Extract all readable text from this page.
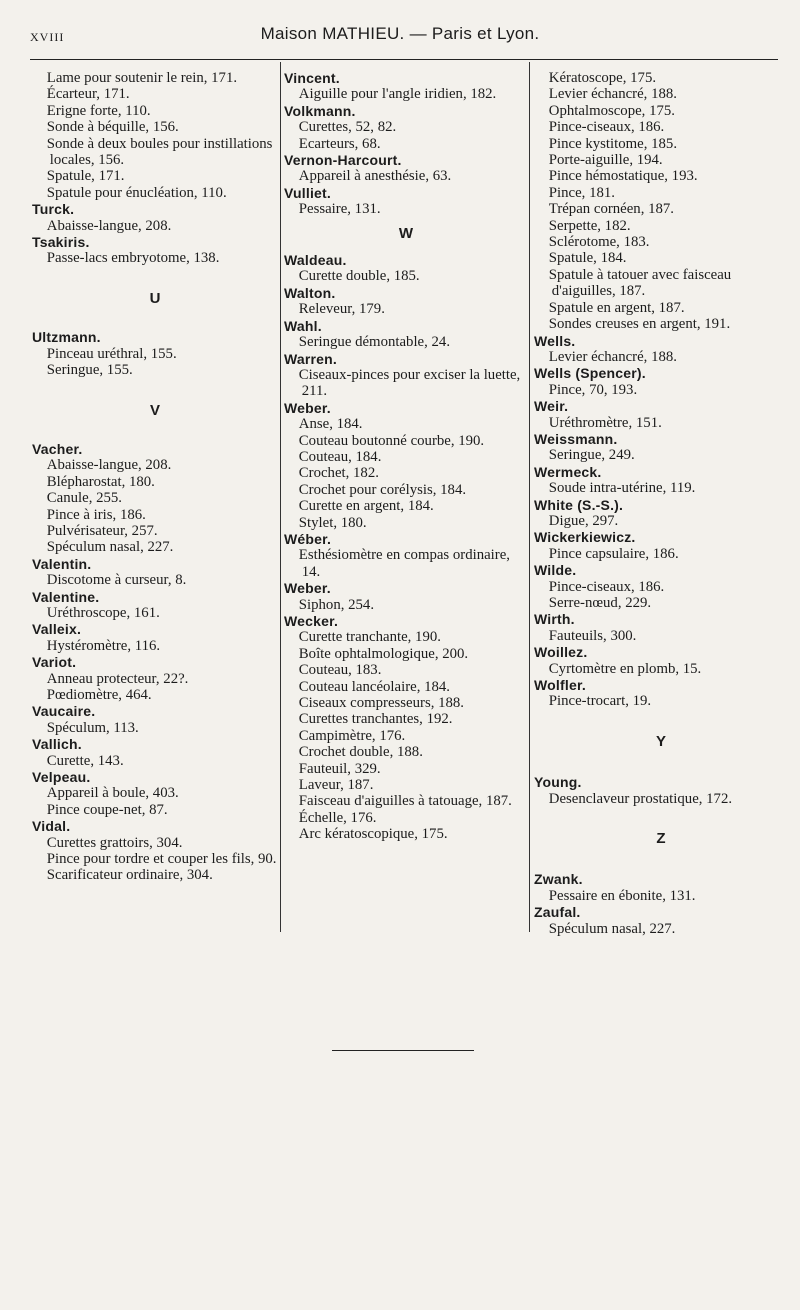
XVIII	Maison MATHIEU. — Paris et Lyon.
Lame pour soutenir le rein, 171.
Écarteur, 171.
Erigne forte, 110.
Sonde à béquille, 156.
Sonde à deux boules pour instillations locales, 156.
Spatule, 171.
Spatule pour énucléation, 110.
Turck.
Abaisse-langue, 208.
Tsakiris.
Passe-lacs embryotome, 138.
U
Ultzmann.
Pinceau uréthral, 155.
Seringue, 155.
V
Vacher.
Abaisse-langue, 208.
Blépharostat, 180.
Canule, 255.
Pince à iris, 186.
Pulvérisateur, 257.
Spéculum nasal, 227.
Valentin.
Discotome à curseur, 8.
Valentine.
Uréthroscope, 161.
Valleix.
Hystéromètre, 116.
Variot.
Anneau protecteur, 22?.
Pœdiomètre, 464.
Vaucaire.
Spéculum, 113.
Vallich.
Curette, 143.
Velpeau.
Appareil à boule, 403.
Pince coupe-net, 87.
Vidal.
Curettes grattoirs, 304.
Pince pour tordre et couper les fils, 90.
Scarificateur ordinaire, 304.
Vincent.
Aiguille pour l'angle iridien, 182.
Volkmann.
Curettes, 52, 82.
Ecarteurs, 68.
Vernon-Harcourt.
Appareil à anesthésie, 63.
Vulliet.
Pessaire, 131.
W
Waldeau.
Curette double, 185.
Walton.
Releveur, 179.
Wahl.
Seringue démontable, 24.
Warren.
Ciseaux-pinces pour exciser la luette, 211.
Weber.
Anse, 184.
Couteau boutonné courbe, 190.
Couteau, 184.
Crochet, 182.
Crochet pour corélysis, 184.
Curette en argent, 184.
Stylet, 180.
Wéber.
Esthésiomètre en compas ordinaire, 14.
Weber.
Siphon, 254.
Wecker.
Curette tranchante, 190.
Boîte ophtalmologique, 200.
Couteau, 183.
Couteau lancéolaire, 184.
Ciseaux compresseurs, 188.
Curettes tranchantes, 192.
Campimètre, 176.
Crochet double, 188.
Fauteuil, 329.
Laveur, 187.
Faisceau d'aiguilles à tatouage, 187.
Échelle, 176.
Arc kératoscopique, 175.
Kératoscope, 175.
Levier échancré, 188.
Ophtalmoscope, 175.
Pince-ciseaux, 186.
Pince kystitome, 185.
Porte-aiguille, 194.
Pince hémostatique, 193.
Pince, 181.
Trépan cornéen, 187.
Serpette, 182.
Sclérotome, 183.
Spatule, 184.
Spatule à tatouer avec faisceau d'aiguilles, 187.
Spatule en argent, 187.
Sondes creuses en argent, 191.
Wells.
Levier échancré, 188.
Wells (Spencer).
Pince, 70, 193.
Weir.
Uréthromètre, 151.
Weissmann.
Seringue, 249.
Wermeck.
Soude intra-utérine, 119.
White (S.-S.).
Digue, 297.
Wickerkiewicz.
Pince capsulaire, 186.
Wilde.
Pince-ciseaux, 186.
Serre-nœud, 229.
Wirth.
Fauteuils, 300.
Woillez.
Cyrtomètre en plomb, 15.
Wolfler.
Pince-trocart, 19.
Y
Young.
Desenclaveur prostatique, 172.
Z
Zwank.
Pessaire en ébonite, 131.
Zaufal.
Spéculum nasal, 227.
